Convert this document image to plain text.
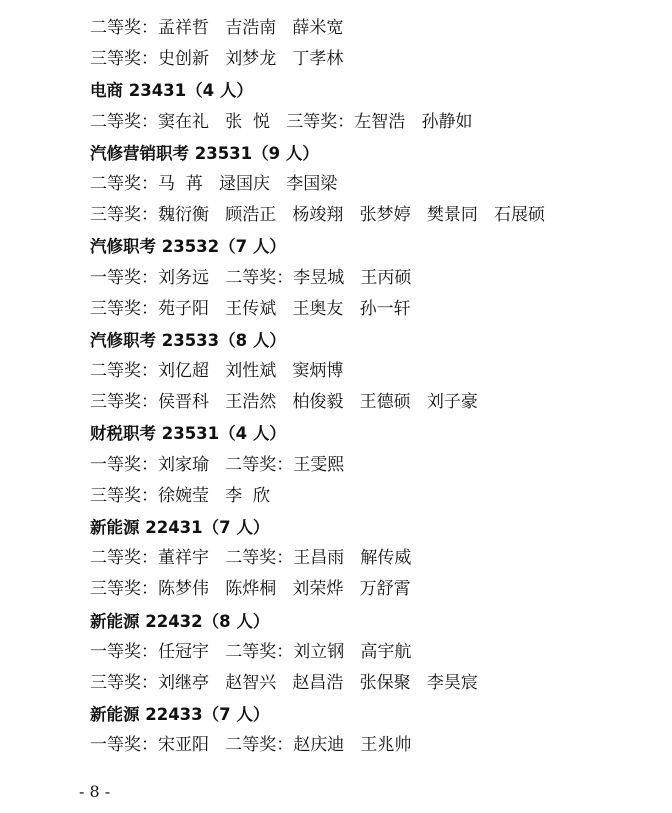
二等奖：孟祥哲   吉浩南   薛米宽
三等奖：史创新   刘梦龙   丁孝林
电商 23431（4 人）
二等奖：窦在礼   张  悦   三等奖：左智浩   孙静如
汽修营销职考 23531（9 人）
二等奖：马  苒   逯国庆   李国梁
三等奖：魏衍衡   顾浩正   杨竣翔   张梦婷   樊景同   石展硕
汽修职考 23532（7 人）
一等奖：刘务远   二等奖：李昱城   王丙硕
三等奖：苑子阳   王传斌   王奥友   孙一轩
汽修职考 23533（8 人）
二等奖：刘亿超   刘性斌   窦炳博
三等奖：侯晋科   王浩然   柏俊毅   王德硕   刘子豪
财税职考 23531（4 人）
一等奖：刘家瑜   二等奖：王雯熙
三等奖：徐婉莹   李  欣
新能源 22431（7 人）
二等奖：董祥宇   二等奖：王昌雨   解传威
三等奖：陈梦伟   陈烨桐   刘荣烨   万舒霄
新能源 22432（8 人）
一等奖：任冠宇   二等奖：刘立钢   高宇航
三等奖：刘继亭   赵智兴   赵昌浩   张保聚   李昊宸
新能源 22433（7 人）
一等奖：宋亚阳   二等奖：赵庆迪   王兆帅
- 8 -
